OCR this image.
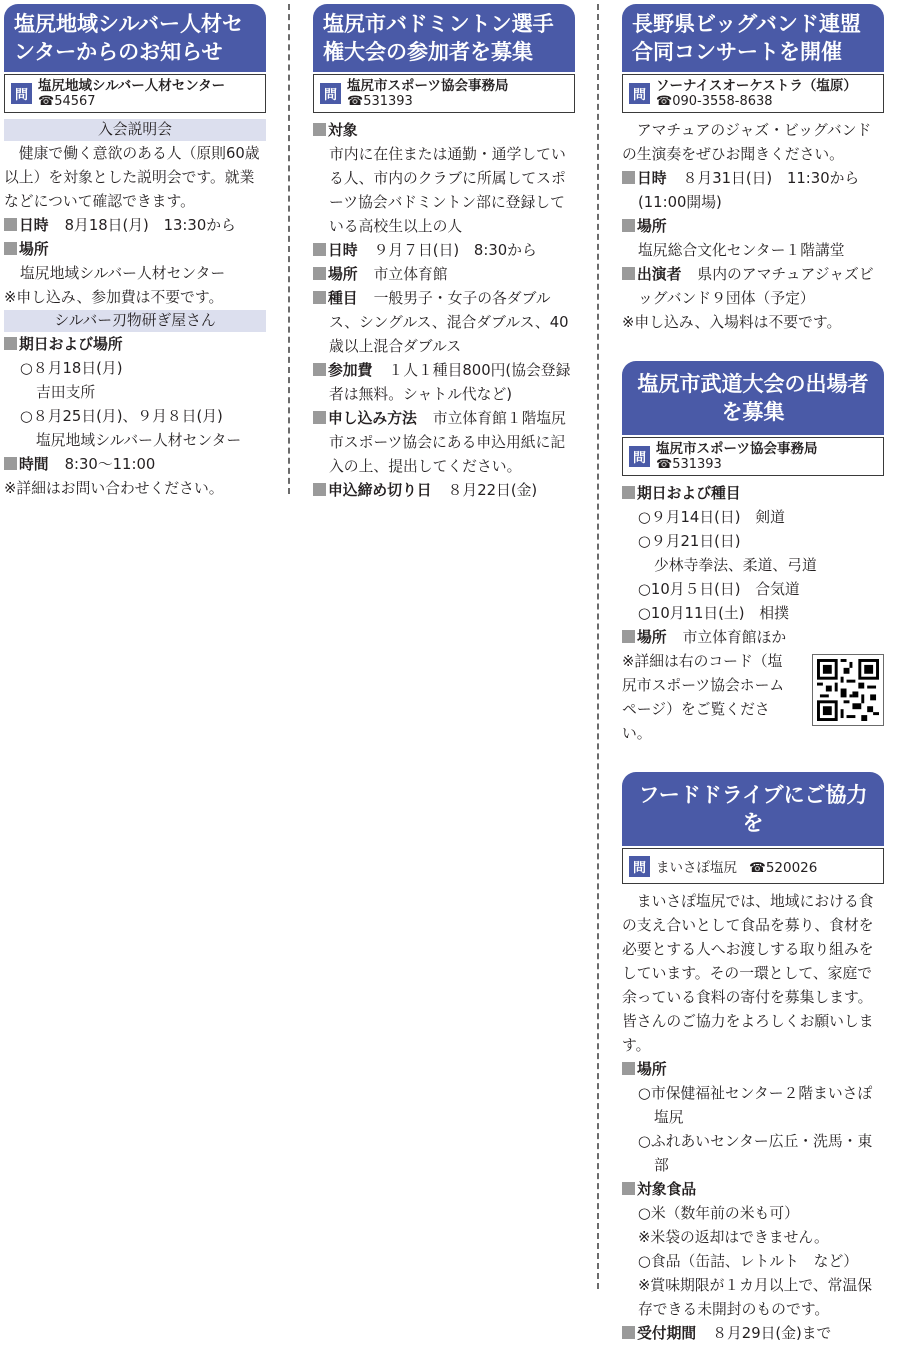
塩尻地域シルバー人材センターからのお知らせ
問
塩尻地域シルバー人材センター
☎54567
入会説明会
健康で働く意欲のある人（原則60歳以上）を対象とした説明会です。就業などについて確認できます。
日時 8月18日(月)　13:30から
場所
塩尻地域シルバー人材センター
※申し込み、参加費は不要です。
シルバー刃物研ぎ屋さん
期日および場所
○８月18日(月)
吉田支所
○８月25日(月)、９月８日(月)
塩尻地域シルバー人材センター
時間 8:30〜11:00
※詳細はお問い合わせください。
塩尻市バドミントン選手権大会の参加者を募集
問
塩尻市スポーツ協会事務局
☎531393
対象
市内に在住または通勤・通学している人、市内のクラブに所属してスポーツ協会バドミントン部に登録している高校生以上の人
日時 ９月７日(日)　8:30から
場所 市立体育館
種目 一般男子・女子の各ダブルス、シングルス、混合ダブルス、40歳以上混合ダブルス
参加費 １人１種目800円(協会登録者は無料。シャトル代など)
申し込み方法 市立体育館１階塩尻市スポーツ協会にある申込用紙に記入の上、提出してください。
申込締め切り日 ８月22日(金)
長野県ビッグバンド連盟合同コンサートを開催
問
ソーナイスオーケストラ（塩原）
☎090-3558-8638
アマチュアのジャズ・ビッグバンドの生演奏をぜひお聞きください。
日時 ８月31日(日)　11:30から
(11:00開場)
場所
塩尻総合文化センター１階講堂
出演者 県内のアマチュアジャズビッグバンド９団体（予定）
※申し込み、入場料は不要です。
塩尻市武道大会の出場者を募集
問
塩尻市スポーツ協会事務局
☎531393
期日および種目
○９月14日(日)　剣道
○９月21日(日)
少林寺拳法、柔道、弓道
○10月５日(日)　合気道
○10月11日(土)　相撲
場所 市立体育館ほか
※詳細は右のコード（塩尻市スポーツ協会ホームページ）をご覧ください。
フードドライブにご協力を
問 まいさぽ塩尻 ☎520026
まいさぽ塩尻では、地域における食の支え合いとして食品を募り、食材を必要とする人へお渡しする取り組みをしています。その一環として、家庭で余っている食料の寄付を募集します。皆さんのご協力をよろしくお願いします。
場所
○市保健福祉センター２階まいさぽ塩尻
○ふれあいセンター広丘・洗馬・東部
対象食品
○米（数年前の米も可）
※米袋の返却はできません。
○食品（缶詰、レトルト　など）
※賞味期限が１カ月以上で、常温保存できる未開封のものです。
受付期間 ８月29日(金)まで
